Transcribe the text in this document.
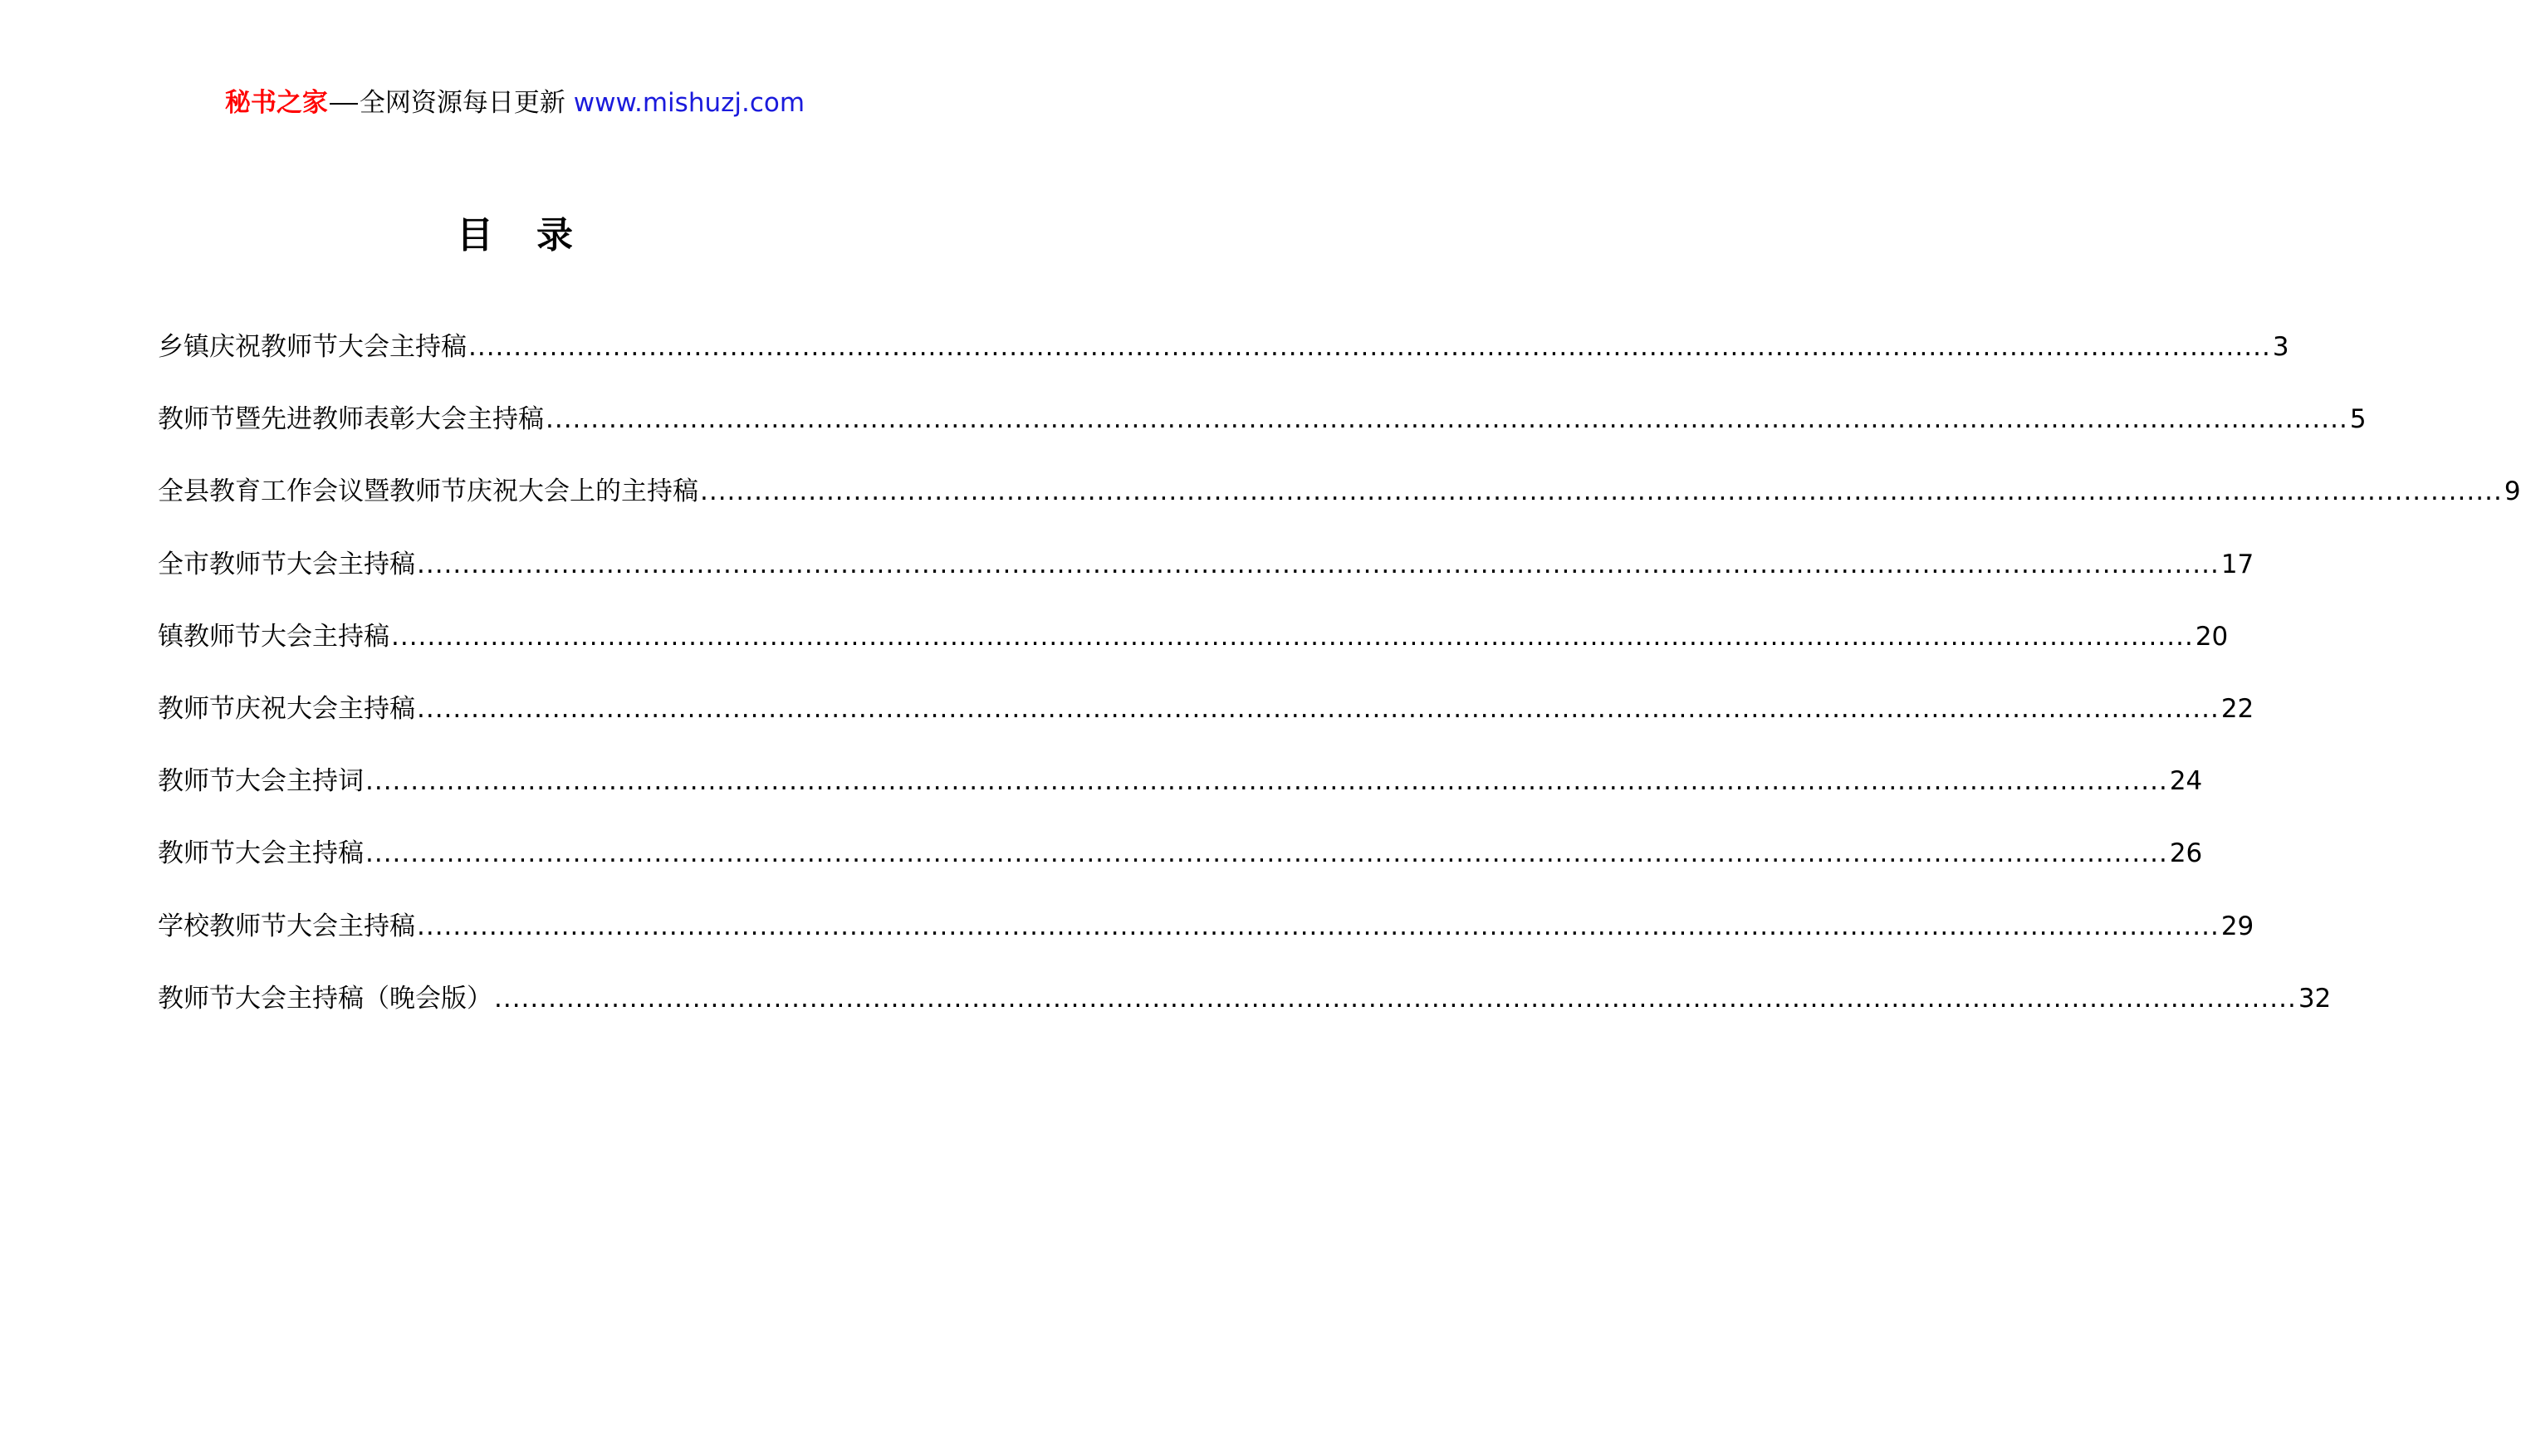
秘书之家 全网资源每日更新 www.mishuzj.com
目 录
乡镇庆祝教师节大会主持稿 ........................................................................................................................................................................................................ 3
教师节暨先进教师表彰大会主持稿 ........................................................................................................................................................................................................ 5
全县教育工作会议暨教师节庆祝大会上的主持稿 ........................................................................................................................................................................................................ 9
全市教师节大会主持稿 ........................................................................................................................................................................................................ 17
镇教师节大会主持稿 ........................................................................................................................................................................................................ 20
教师节庆祝大会主持稿 ........................................................................................................................................................................................................ 22
教师节大会主持词 ........................................................................................................................................................................................................ 24
教师节大会主持稿 ........................................................................................................................................................................................................ 26
学校教师节大会主持稿 ........................................................................................................................................................................................................ 29
教师节大会主持稿（晚会版） ........................................................................................................................................................................................................ 32
